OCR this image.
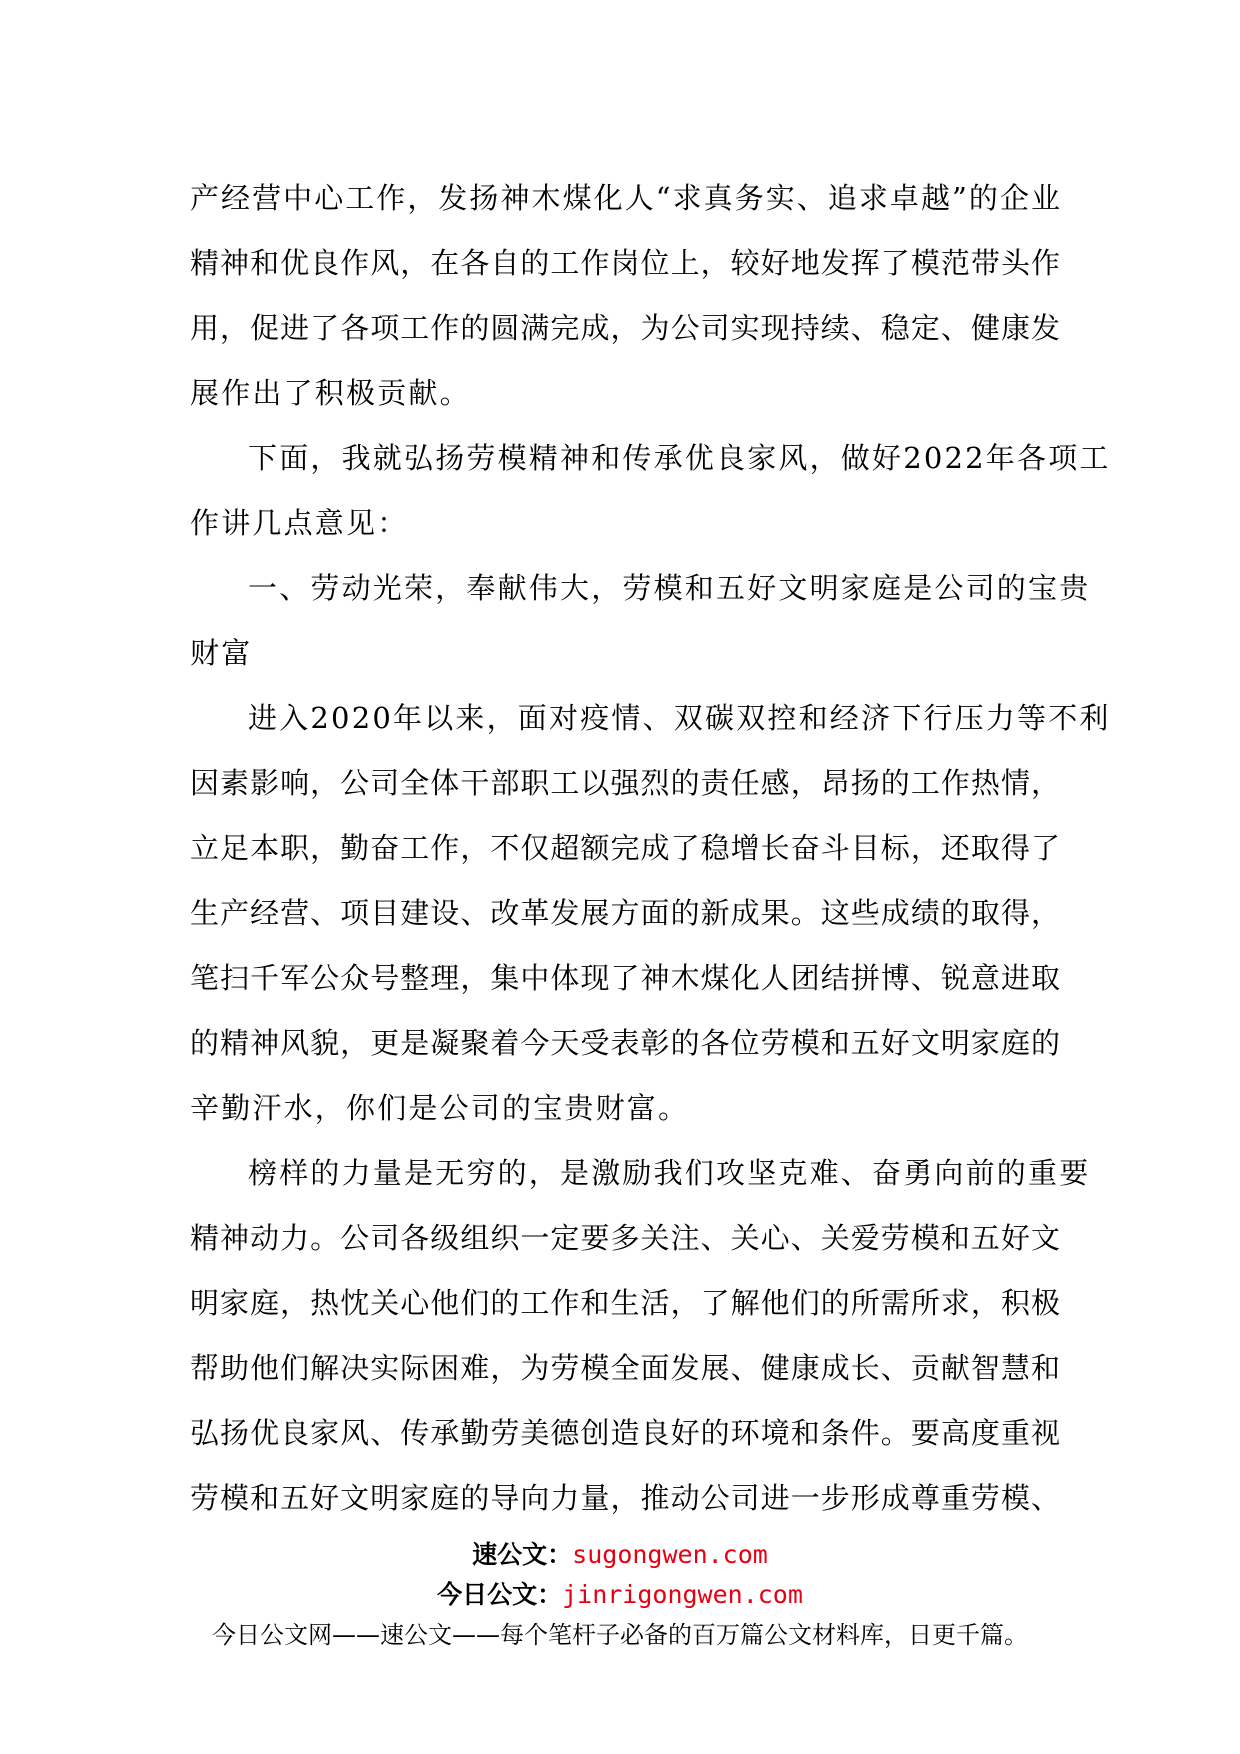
产经营中心工作，发扬神木煤化人“求真务实、追求卓越”的企业
精神和优良作风，在各自的工作岗位上，较好地发挥了模范带头作
用，促进了各项工作的圆满完成，为公司实现持续、稳定、健康发
展作出了积极贡献。
下面，我就弘扬劳模精神和传承优良家风，做好2022年各项工
作讲几点意见：
一、劳动光荣，奉献伟大，劳模和五好文明家庭是公司的宝贵
财富
进入2020年以来，面对疫情、双碳双控和经济下行压力等不利
因素影响，公司全体干部职工以强烈的责任感，昂扬的工作热情，
立足本职，勤奋工作，不仅超额完成了稳增长奋斗目标，还取得了
生产经营、项目建设、改革发展方面的新成果。这些成绩的取得，
笔扫千军公众号整理，集中体现了神木煤化人团结拼博、锐意进取
的精神风貌，更是凝聚着今天受表彰的各位劳模和五好文明家庭的
辛勤汗水，你们是公司的宝贵财富。
榜样的力量是无穷的，是激励我们攻坚克难、奋勇向前的重要
精神动力。公司各级组织一定要多关注、关心、关爱劳模和五好文
明家庭，热忱关心他们的工作和生活，了解他们的所需所求，积极
帮助他们解决实际困难，为劳模全面发展、健康成长、贡献智慧和
弘扬优良家风、传承勤劳美德创造良好的环境和条件。要高度重视
劳模和五好文明家庭的导向力量，推动公司进一步形成尊重劳模、
速公文：sugongwen.com
今日公文：jinrigongwen.com
今日公文网——速公文——每个笔杆子必备的百万篇公文材料库，日更千篇。
